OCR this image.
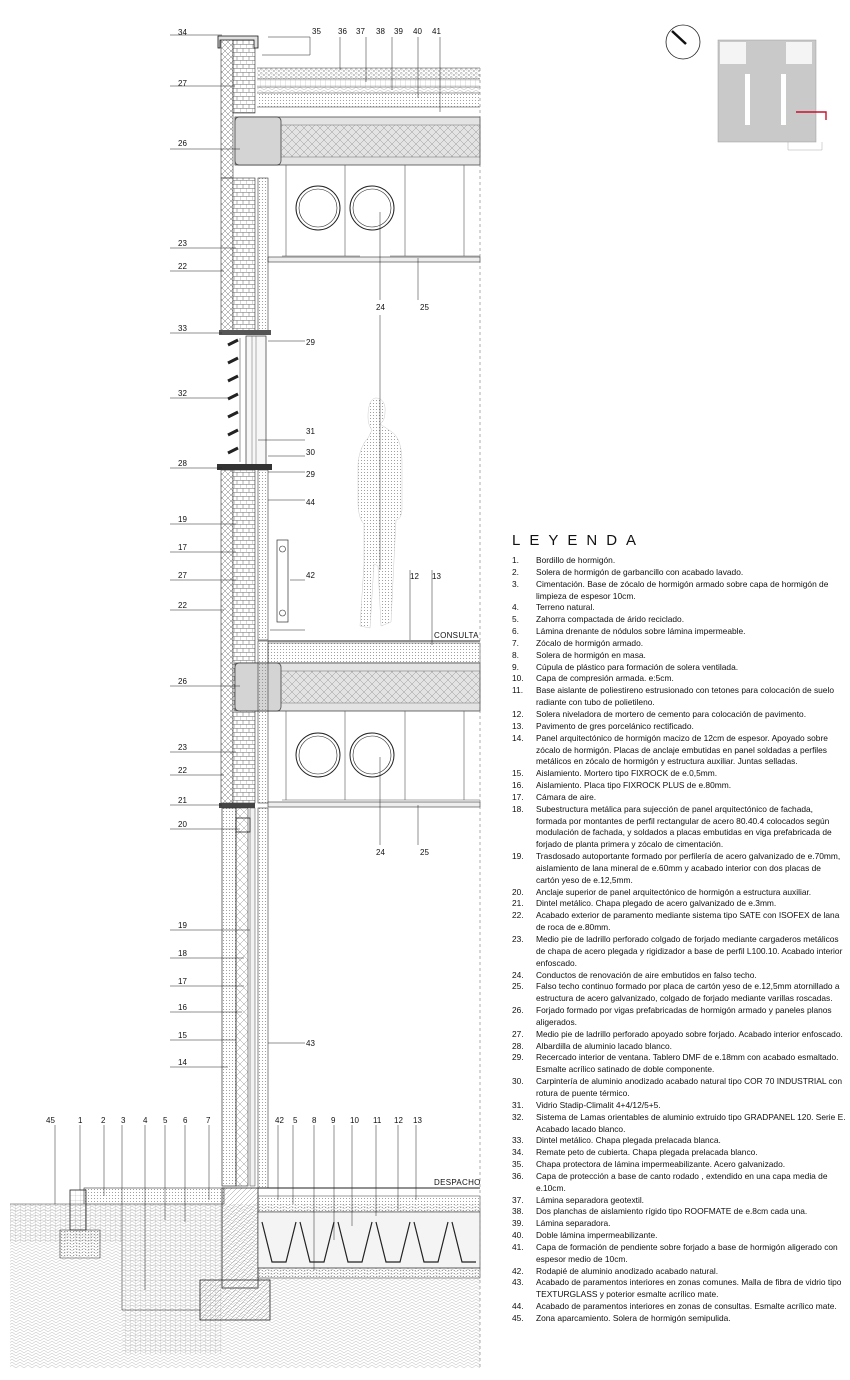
34
27
26
23
22
33
32
28
19
17
27
22
26
23
22
21
20
19
18
17
16
15
14
35 36 37 38 39 40 41
24	25
29
31
30
29
44
42	12 13
24	25
43
45	1 2 3 4 5 6 7	42 5 8 9 10 11 12 13
CONSULTA
DESPACHO
LEYENDA
1.	Bordillo de hormigón.
2.	Solera de hormigón de garbancillo con acabado lavado.
3.	Cimentación. Base de zócalo de hormigón armado sobre capa de hormigón de limpieza de espesor 10cm.
4.	Terreno natural.
5.	Zahorra compactada de árido reciclado.
6.	Lámina drenante de nódulos sobre lámina impermeable.
7.	Zócalo de hormigón armado.
8.	Solera de hormigón en masa.
9.	Cúpula de plástico para formación de solera ventilada.
10.	Capa de compresión armada. e:5cm.
11.	Base aislante de poliestireno estrusionado con tetones para colocación de suelo radiante con tubo de polietileno.
12.	Solera niveladora de mortero de cemento para colocación de pavimento.
13.	Pavimento de gres porcelánico rectificado.
14.	Panel arquitectónico de hormigón macizo de 12cm de espesor. Apoyado sobre zócalo de hormigón. Placas de anclaje embutidas en panel soldadas a perfiles metálicos en zócalo de hormigón y estructura auxiliar. Juntas selladas.
15.	Aislamiento. Mortero tipo FIXROCK de e.0,5mm.
16.	Aislamiento. Placa tipo FIXROCK PLUS de e.80mm.
17.	Cámara de aire.
18.	Subestructura metálica para sujección de panel arquitectónico de fachada, formada por montantes de perfil rectangular de acero 80.40.4 colocados según modulación de fachada, y soldados a placas embutidas en viga prefabricada de forjado de planta primera y zócalo de cimentación.
19.	Trasdosado autoportante formado por perfilería de acero galvanizado de e.70mm, aislamiento de lana mineral de e.60mm y acabado interior con dos placas de cartón yeso de e.12,5mm.
20.	Anclaje superior de panel arquitectónico de hormigón a estructura auxiliar.
21.	Dintel metálico. Chapa plegado de acero galvanizado de e.3mm.
22.	Acabado exterior de paramento mediante sistema tipo SATE con ISOFEX de lana de roca de e.80mm.
23.	Medio pie de ladrillo perforado colgado de forjado mediante cargaderos metálicos de chapa de acero plegada y rigidizador a base de perfil L100.10. Acabado interior enfoscado.
24.	Conductos de renovación de aire embutidos en falso techo.
25.	Falso techo continuo formado por placa de cartón yeso de e.12,5mm atornillado a estructura de acero galvanizado, colgado de forjado mediante varillas roscadas.
26.	Forjado formado por vigas prefabricadas de hormigón armado y paneles planos aligerados.
27.	Medio pie de ladrillo perforado apoyado sobre forjado. Acabado interior enfoscado.
28.	Albardilla de aluminio lacado blanco.
29.	Recercado interior de ventana. Tablero DMF de e.18mm con acabado esmaltado. Esmalte acrílico satinado de doble componente.
30.	Carpintería de aluminio anodizado acabado natural tipo COR 70 INDUSTRIAL con rotura de puente térmico.
31.	Vidrio Stadip-Climalit 4+4/12/5+5.
32.	Sistema de Lamas orientables de aluminio extruido tipo GRADPANEL 120. Serie E. Acabado lacado blanco.
33.	Dintel metálico. Chapa plegada prelacada blanca.
34.	Remate peto de cubierta. Chapa plegada prelacada blanco.
35.	Chapa protectora de lámina impermeabilizante. Acero galvanizado.
36.	Capa de protección a base de canto rodado , extendido en una capa media de e.10cm.
37.	Lámina separadora geotextil.
38.	Dos planchas de aislamiento rígido tipo ROOFMATE de e.8cm cada una.
39.	Lámina separadora.
40.	Doble lámina impermeabilizante.
41.	Capa de formación de pendiente sobre forjado a base de hormigón aligerado con espesor medio de 10cm.
42.	Rodapié de aluminio anodizado acabado natural.
43.	Acabado de paramentos interiores en zonas comunes. Malla de fibra de vidrio tipo TEXTURGLASS y poterior esmalte acrílico mate.
44.	Acabado de paramentos interiores en zonas de consultas. Esmalte acrílico mate.
45.	Zona aparcamiento. Solera de hormigón semipulida.
